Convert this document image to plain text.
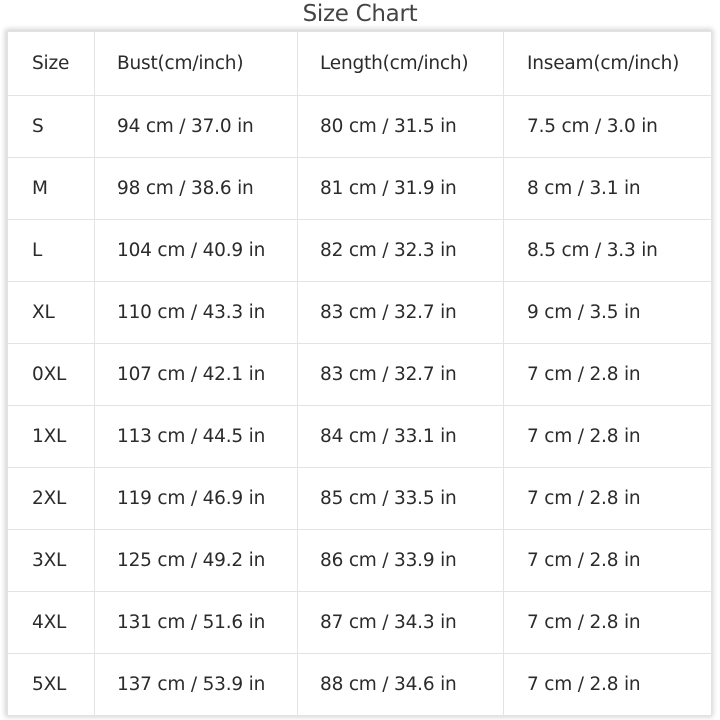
Size Chart
Size	Bust(cm/inch)	Length(cm/inch)	Inseam(cm/inch)
S	94 cm / 37.0 in	80 cm / 31.5 in	7.5 cm / 3.0 in
M	98 cm / 38.6 in	81 cm / 31.9 in	8 cm / 3.1 in
L	104 cm / 40.9 in	82 cm / 32.3 in	8.5 cm / 3.3 in
XL	110 cm / 43.3 in	83 cm / 32.7 in	9 cm / 3.5 in
0XL	107 cm / 42.1 in	83 cm / 32.7 in	7 cm / 2.8 in
1XL	113 cm / 44.5 in	84 cm / 33.1 in	7 cm / 2.8 in
2XL	119 cm / 46.9 in	85 cm / 33.5 in	7 cm / 2.8 in
3XL	125 cm / 49.2 in	86 cm / 33.9 in	7 cm / 2.8 in
4XL	131 cm / 51.6 in	87 cm / 34.3 in	7 cm / 2.8 in
5XL	137 cm / 53.9 in	88 cm / 34.6 in	7 cm / 2.8 in
